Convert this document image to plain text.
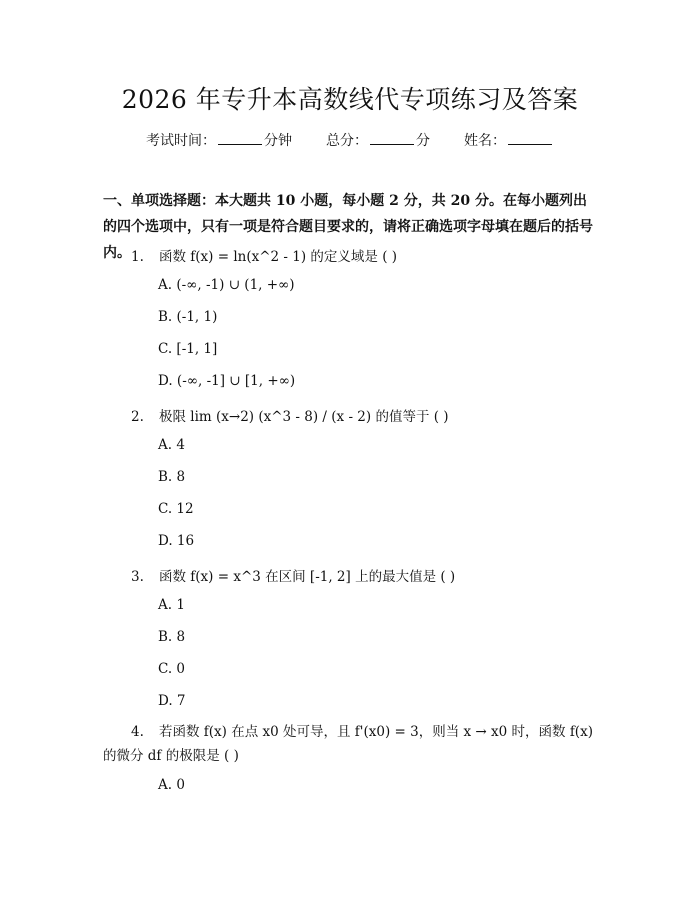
2026 年专升本高数线代专项练习及答案
考试时间：	分钟 总分：	分 姓名：
一、单项选择题：本大题共 10 小题，每小题 2 分，共 20 分。在每小题列出的四个选项中，只有一项是符合题目要求的，请将正确选项字母填在题后的括号内。 1. 函数 f(x) = ln(x^2 - 1) 的定义域是 ( )
A. (-∞, -1) ∪ (1, +∞)
B. (-1, 1)
C. [-1, 1]
D. (-∞, -1] ∪ [1, +∞)
2. 极限 lim (x→2) (x^3 - 8) / (x - 2) 的值等于 ( )
A. 4
B. 8
C. 12
D. 16
3. 函数 f(x) = x^3 在区间 [-1, 2] 上的最大值是 ( )
A. 1
B. 8
C. 0
D. 7
4. 若函数 f(x) 在点 x0 处可导，且 f'(x0) = 3，则当 x → x0 时，函数 f(x) 的微分 df 的极限是 ( )
A. 0
